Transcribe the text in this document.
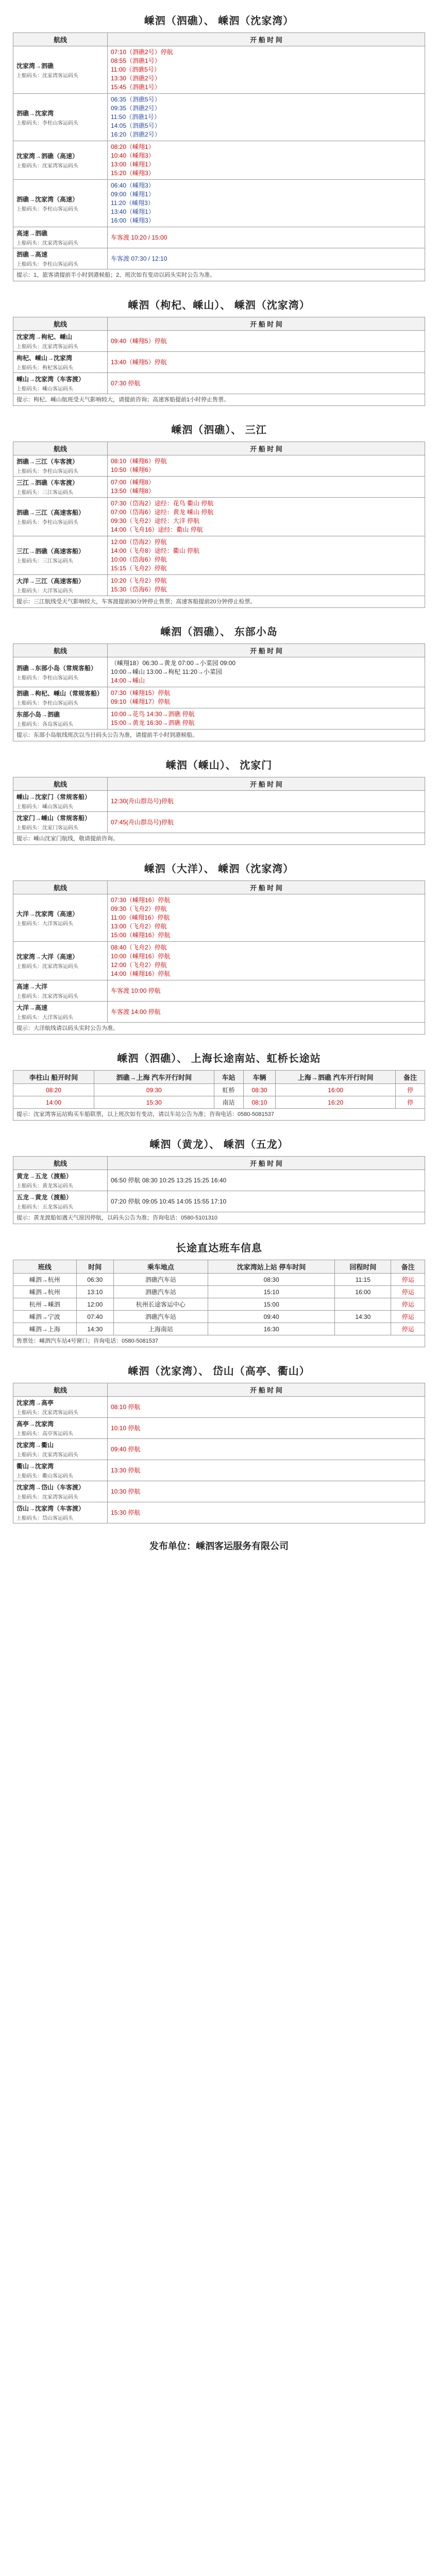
嵊泗（泗礁）、 嵊泗（沈家湾）
航线	开 船 时 间

沈家湾→泗礁
上船码头：沈家湾客运码头	07:10（泗礁2号）停航
08:55（泗礁1号）
11:00（泗礁5号）
13:30（泗礁2号）
15:45（泗礁1号）

泗礁→沈家湾
上船码头：李柱山客运码头	06:35（泗礁5号）
09:35（泗礁2号）
11:50（泗礁1号）
14:05（泗礁5号）
16:20（泗礁2号）

沈家湾→泗礁（高速）
上船码头：沈家湾客运码头	08:20（嵊翔1）
10:40（嵊翔3）
13:00（嵊翔1）
15:20（嵊翔3）

泗礁→沈家湾（高速）
上船码头：李柱山客运码头	06:40（嵊翔3）
09:00（嵊翔1）
11:20（嵊翔3）
13:40（嵊翔1）
16:00（嵊翔3）

高速→泗礁
上船码头：沈家湾客运码头	车客渡 10:20 / 15:00

泗礁→高速
上船码头：李柱山客运码头	车客渡 07:30 / 12:10

提示：1、旅客请提前半小时到港候船；2、班次如有变动以码头实时公告为准。	
嵊泗（枸杞、嵊山）、 嵊泗（沈家湾）
航线	开 船 时 间

沈家湾→枸杞、嵊山
上船码头：沈家湾客运码头	09:40（嵊翔5）停航

枸杞、嵊山→沈家湾
上船码头：枸杞客运码头	13:40（嵊翔5）停航

嵊山→沈家湾（车客渡）
上船码头：嵊山客运码头	07:30 停航

提示：枸杞、嵊山航班受天气影响较大，请提前咨询；高速客船提前1小时停止售票。	
嵊泗（泗礁）、 三江
航线	开 船 时 间

泗礁→三江（车客渡）
上船码头：李柱山客运码头	08:10（嵊翔6）停航
10:50（嵊翔6）

三江→泗礁（车客渡）
上船码头：三江客运码头	07:00（嵊翔8）
13:50（嵊翔8）

泗礁→三江（高速客船）
上船码头：李柱山客运码头	07:30（岱海2）途经：花鸟 衢山 停航
07:00（岱海6）途经：黄龙 嵊山 停航
09:30（飞舟2）途经：大洋 停航
14:00（飞舟16）途经：衢山 停航

三江→泗礁（高速客船）
上船码头：三江客运码头	12:00（岱海2）停航
14:00（飞舟8）途经：衢山 停航
10:00（岱海6）停航
15:15（飞舟2）停航

大洋→三江（高速客船）
上船码头：大洋客运码头	10:20（飞舟2）停航
15:30（岱海6）停航

提示：三江航线受天气影响较大，车客渡提前30分钟停止售票；高速客船提前20分钟停止检票。	
嵊泗（泗礁）、 东部小岛
航线	开 船 时 间

泗礁→东部小岛（常规客船）
上船码头：李柱山客运码头	（嵊翔18）06:30→黄龙 07:00→小菜园 09:00
10:00→嵊山 13:00→枸杞 11:20→小菜园
14:00→嵊山

泗礁→枸杞、嵊山（常规客船）
上船码头：李柱山客运码头	07:30（嵊翔15）停航
09:10（嵊翔17）停航

东部小岛→泗礁
上船码头：各岛客运码头	10:00→花鸟 14:30→泗礁 停航
15:00→黄龙 16:30→泗礁 停航

提示：东部小岛航线班次以当日码头公告为准，请提前半小时到港候船。	
嵊泗（嵊山）、 沈家门
航线	开 船 时 间

嵊山→沈家门（常规客船）
上船码头：嵊山客运码头	12:30(舟山群岛号)停航

沈家门→嵊山（常规客船）
上船码头：沈家门客运码头	07:45(舟山群岛号)停航

提示：嵊山沈家门航线，敬请提前咨询。	
嵊泗（大洋）、 嵊泗（沈家湾）
航线	开 船 时 间

大洋→沈家湾（高速）
上船码头：大洋客运码头	07:30（嵊翔16）停航
09:30（飞舟2）停航
11:00（嵊翔16）停航
13:00（飞舟2）停航
15:00（嵊翔16）停航

沈家湾→大洋（高速）
上船码头：沈家湾客运码头	08:40（飞舟2）停航
10:00（嵊翔16）停航
12:00（飞舟2）停航
14:00（嵊翔16）停航

高速→大洋
上船码头：沈家湾客运码头	车客渡 10:00 停航

大洋→高速
上船码头：大洋客运码头	车客渡 14:00 停航

提示：大洋航线请以码头实时公告为准。	
嵊泗（泗礁）、 上海长途南站、虹桥长途站
李柱山 船开时间	泗礁→上海 汽车开行时间	车站	车辆	上海→泗礁 汽车开行时间	备注
08:20	09:30	虹桥	08:30	16:00	停
14:00	15:30	南站	08:10	16:20	停
提示：沈家湾客运站购买车船联票，以上班次如有变动，请以车站公告为准；咨询电话：0580-5081537					
嵊泗（黄龙）、 嵊泗（五龙）
航线	开 船 时 间

黄龙→五龙（渡船）
上船码头：黄龙客运码头	06:50 停航 08:30 10:25 13:25 15:25 16:40

五龙→黄龙（渡船）
上船码头：五龙客运码头	07:20 停航 09:05 10:45 14:05 15:55 17:10

提示：黄龙渡船如遇天气原因停航，以码头公告为准；咨询电话：0580-5101310	
长途直达班车信息
班线	时间	乘车地点	沈家湾站上站 停车时间	回程时间	备注
嵊泗→杭州	06:30	泗礁汽车站	08:30	11:15	停运
嵊泗→杭州	13:10	泗礁汽车站	15:10	16:00	停运
杭州→嵊泗	12:00	杭州长途客运中心	15:00		停运
嵊泗→宁波	07:40	泗礁汽车站	09:40	14:30	停运
嵊泗→上海	14:30	上海南站	16:30		停运
售票处：嵊泗汽车站4号窗口；咨询电话：0580-5081537					
嵊泗（沈家湾）、 岱山（高亭、衢山）
航线	开 船 时 间

沈家湾→高亭
上船码头：沈家湾客运码头	08:10 停航

高亭→沈家湾
上船码头：高亭客运码头	10:10 停航

沈家湾→衢山
上船码头：沈家湾客运码头	09:40 停航

衢山→沈家湾
上船码头：衢山客运码头	13:30 停航

沈家湾→岱山（车客渡）
上船码头：沈家湾客运码头	10:30 停航

岱山→沈家湾（车客渡）
上船码头：岱山客运码头	15:30 停航
发布单位：嵊泗客运服务有限公司
